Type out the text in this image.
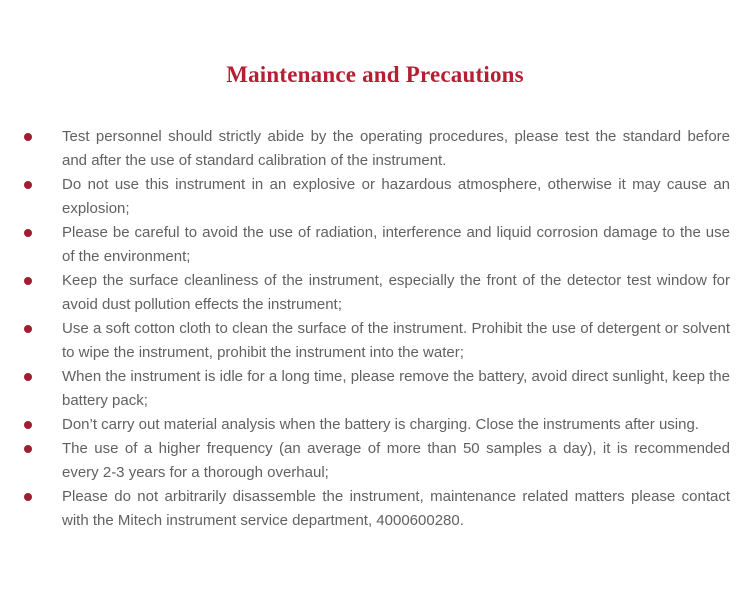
Maintenance and Precautions
Test personnel should strictly abide by the operating procedures, please test the standard before and after the use of standard calibration of the instrument.
Do not use this instrument in an explosive or hazardous atmosphere, otherwise it may cause an explosion;
Please be careful to avoid the use of radiation, interference and liquid corrosion damage to the use of the environment;
Keep the surface cleanliness of the instrument, especially the front of the detector test window for avoid dust pollution effects the instrument;
Use a soft cotton cloth to clean the surface of the instrument. Prohibit the use of detergent or solvent to wipe the instrument, prohibit the instrument into the water;
When the instrument is idle for a long time, please remove the battery, avoid direct sunlight, keep the battery pack;
Don’t carry out material analysis when the battery is charging. Close the instruments after using.
The use of a higher frequency (an average of more than 50 samples a day), it is recommended every 2-3 years for a thorough overhaul;
Please do not arbitrarily disassemble the instrument, maintenance related matters please contact with the Mitech instrument service department, 4000600280.
